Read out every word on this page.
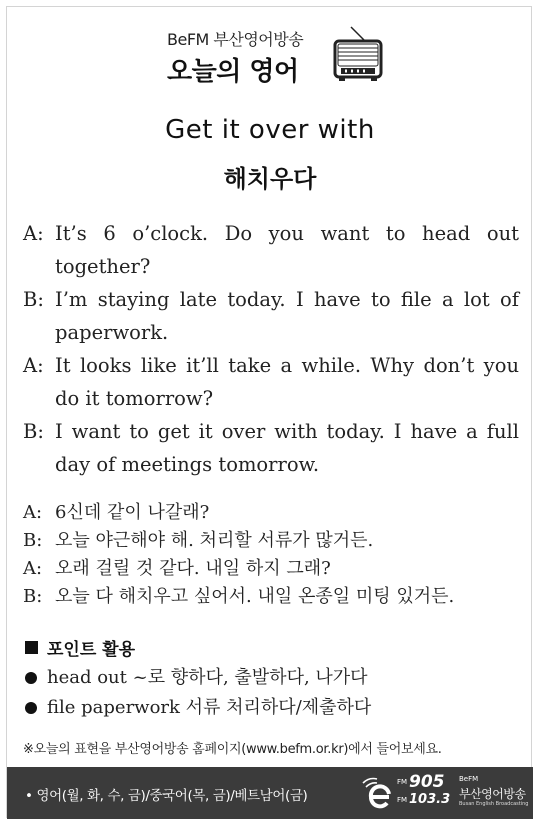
BeFM 부산영어방송
오늘의 영어
Get it over with
해치우다
A: It’s 6 o’clock. Do you want to head out together?
B: I’m staying late today. I have to file a lot of paperwork.
A: It looks like it’ll take a while. Why don’t you do it tomorrow?
B: I want to get it over with today. I have a full day of meetings tomorrow.
A: 6신데 같이 나갈래?
B: 오늘 야근해야 해. 처리할 서류가 많거든.
A: 오래 걸릴 것 같다. 내일 하지 그래?
B: 오늘 다 해치우고 싶어서. 내일 온종일 미팅 있거든.
포인트 활용
head out ~로 향하다, 출발하다, 나가다
file paperwork 서류 처리하다/제출하다
※오늘의 표현을 부산영어방송 홈페이지(www.befm.or.kr)에서 들어보세요.
• 영어(월, 화, 수, 금)/중국어(목, 금)/베트남어(금)
FM 905
FM 103.3
BeFM
부산영어방송
Busan English Broadcasting
